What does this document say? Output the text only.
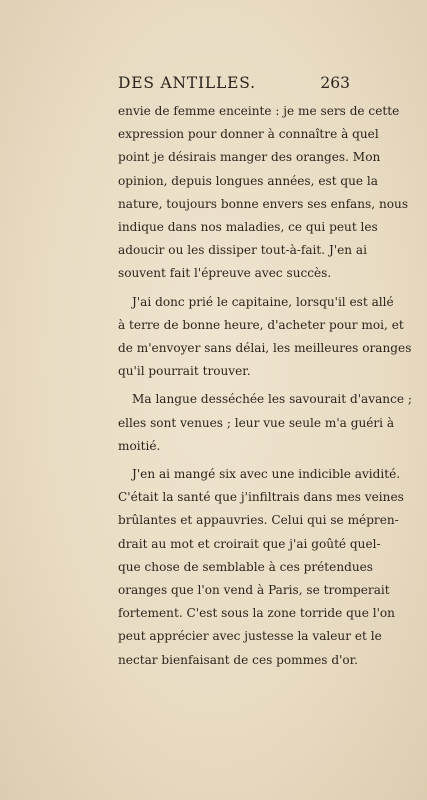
DES ANTILLES.	263

envie de femme enceinte : je me sers de cette
expression pour donner à connaître à quel
point je désirais manger des oranges. Mon
opinion, depuis longues années, est que la
nature, toujours bonne envers ses enfans, nous
indique dans nos maladies, ce qui peut les
adoucir ou les dissiper tout-à-fait. J'en ai
souvent fait l'épreuve avec succès.

J'ai donc prié le capitaine, lorsqu'il est allé
à terre de bonne heure, d'acheter pour moi, et
de m'envoyer sans délai, les meilleures oranges
qu'il pourrait trouver.

Ma langue desséchée les savourait d'avance ;
elles sont venues ; leur vue seule m'a guéri à
moitié.

J'en ai mangé six avec une indicible avidité.
C'était la santé que j'infiltrais dans mes veines
brûlantes et appauvries. Celui qui se mépren-
drait au mot et croirait que j'ai goûté quel-
que chose de semblable à ces prétendues
oranges que l'on vend à Paris, se tromperait
fortement. C'est sous la zone torride que l'on
peut apprécier avec justesse la valeur et le
nectar bienfaisant de ces pommes d'or.
